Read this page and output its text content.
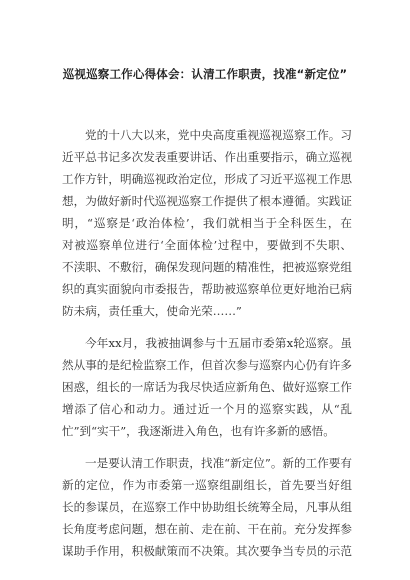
巡视巡察工作心得体会：认清工作职责，找准“新定位”
党的十八大以来，党中央高度重视巡视巡察工作。习
近平总书记多次发表重要讲话、作出重要指示，确立巡视
工作方针，明确巡视政治定位，形成了习近平巡视工作思
想，为做好新时代巡视巡察工作提供了根本遵循。实践证
明，“巡察是‘政治体检’，我们就相当于全科医生，在
对被巡察单位进行‘全面体检’过程中，要做到不失职、
不渎职、不敷衍，确保发现问题的精准性，把被巡察党组
织的真实面貌向市委报告，帮助被巡察单位更好地治已病
防未病，责任重大，使命光荣……”
今年xx月，我被抽调参与十五届市委第x轮巡察。虽
然从事的是纪检监察工作，但首次参与巡察内心仍有许多
困惑，组长的一席话为我尽快适应新角色、做好巡察工作
增添了信心和动力。通过近一个月的巡察实践，从“乱
忙”到“实干”，我逐渐进入角色，也有许多新的感悟。
一是要认清工作职责，找准“新定位”。新的工作要有
新的定位，作为市委第一巡察组副组长，首先要当好组
长的参谋员，在巡察工作中协助组长统筹全局，凡事从组
长角度考虑问题，想在前、走在前、干在前。充分发挥参
谋助手作用，积极献策而不决策。其次要争当专员的示范
